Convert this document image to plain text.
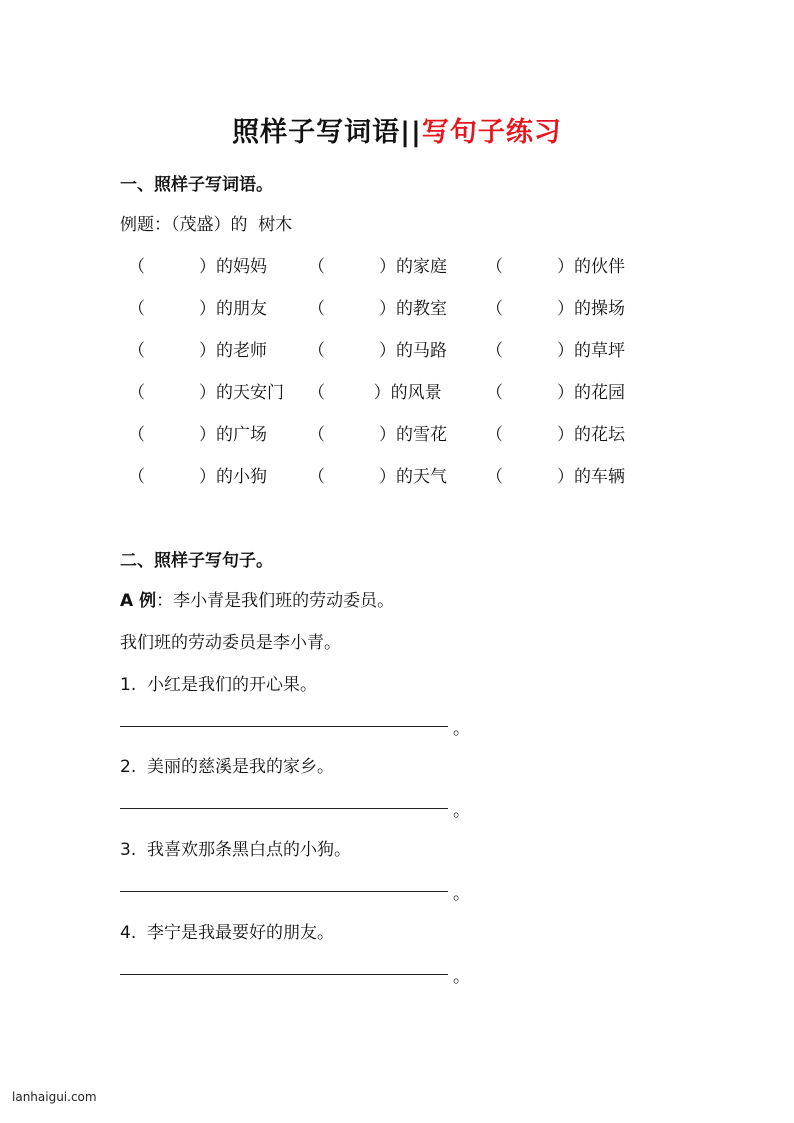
照样子写词语||写句子练习
一、照样子写词语。
例题：（茂盛）的  树木
（          ）的妈妈 （          ）的家庭 （          ）的伙伴
（          ）的朋友 （          ）的教室 （          ）的操场
（          ）的老师 （          ）的马路 （          ）的草坪
（          ）的天安门 （         ）的风景	（          ）的花园
（          ）的广场 （          ）的雪花 （          ）的花坛
（          ）的小狗 （          ）的天气 （          ）的车辆
二、照样子写句子。
A 例：李小青是我们班的劳动委员。
我们班的劳动委员是李小青。
1.  小红是我们的开心果。
。
2.  美丽的慈溪是我的家乡。
。
3.  我喜欢那条黑白点的小狗。
。
4.  李宁是我最要好的朋友。
。
lanhaigui.com
